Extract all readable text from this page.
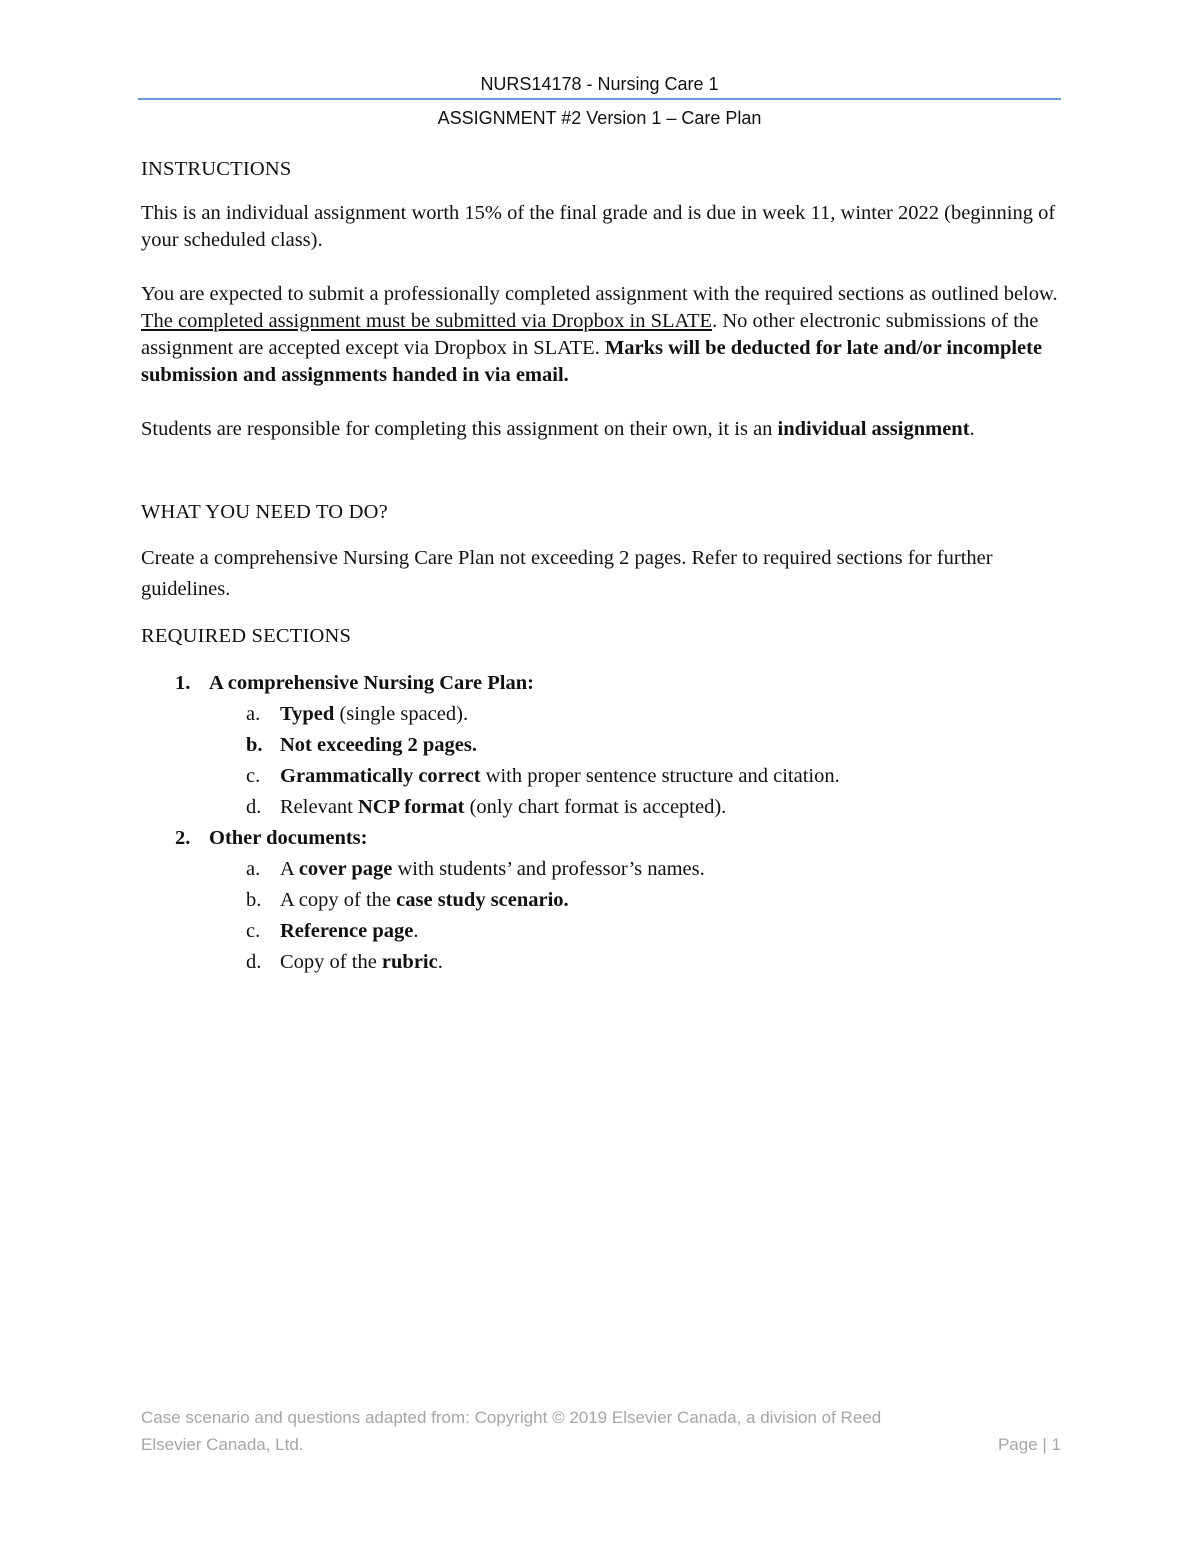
NURS14178 - Nursing Care 1
ASSIGNMENT #2 Version 1 – Care Plan
INSTRUCTIONS

This is an individual assignment worth 15% of the final grade and is due in week 11, winter 2022 (beginning of your scheduled class).

You are expected to submit a professionally completed assignment with the required sections as outlined below. The completed assignment must be submitted via Dropbox in SLATE. No other electronic submissions of the assignment are accepted except via Dropbox in SLATE. Marks will be deducted for late and/or incomplete submission and assignments handed in via email.

Students are responsible for completing this assignment on their own, it is an individual assignment.

WHAT YOU NEED TO DO?

Create a comprehensive Nursing Care Plan not exceeding 2 pages. Refer to required sections for further guidelines.

REQUIRED SECTIONS
1. A comprehensive Nursing Care Plan:
a. Typed (single spaced).
b. Not exceeding 2 pages.
c. Grammatically correct with proper sentence structure and citation.
d. Relevant NCP format (only chart format is accepted).
2. Other documents:
a. A cover page with students’ and professor’s names.
b. A copy of the case study scenario.
c. Reference page.
d. Copy of the rubric.
Case scenario and questions adapted from: Copyright © 2019 Elsevier Canada, a division of Reed
Elsevier Canada, Ltd.	Page | 1
